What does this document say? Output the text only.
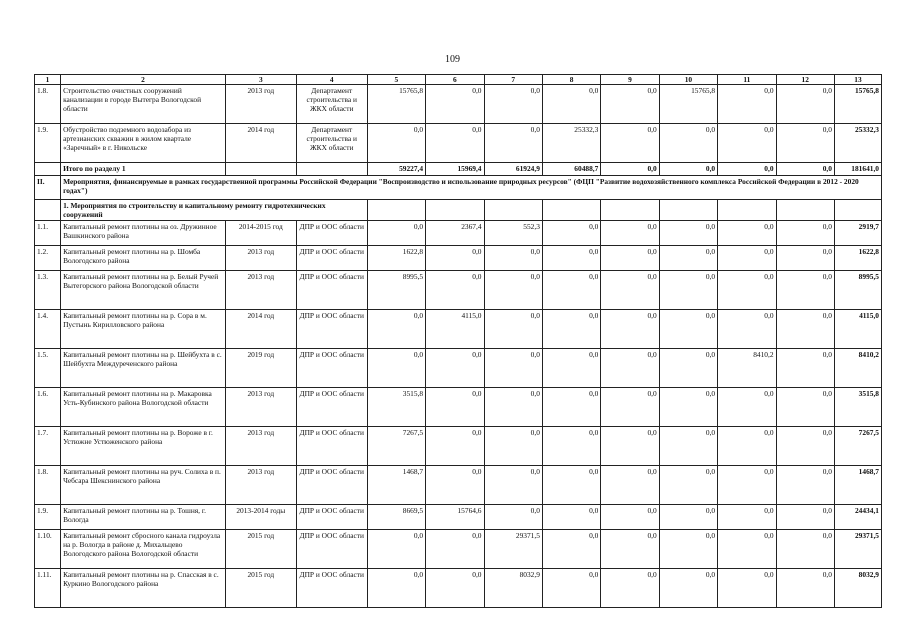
109
1	2	3	4	5	6	7	8	9	10	11	12	13
1.8.	Строительство очистных сооружений канализации в городе Вытегра Вологодской области	2013 год	Департамент строительства и ЖКХ области	15765,8	0,0	0,0	0,0	0,0	15765,8	0,0	0,0	15765,8
1.9.	Обустройство подземного водозабора из артезианских скважин в жилом квартале «Заречный» в г. Никольске	2014 год	Департамент строительства и ЖКХ области	0,0	0,0	0,0	25332,3	0,0	0,0	0,0	0,0	25332,3
	Итого по разделу 1			59227,4	15969,4	61924,9	60488,7	0,0	0,0	0,0	0,0	181641,0
II.	Мероприятия, финансируемые в рамках государственной программы Российской Федерации "Воспроизводство и использование природных ресурсов" (ФЦП "Развитие водохозяйственного комплекса Российской Федерации в 2012 - 2020 годах")											
	1. Мероприятия по строительству и капитальному ремонту гидротехнических сооружений											
1.1.	Капитальный ремонт плотины на оз. Дружинное Вашкинского района	2014-2015 год	ДПР и ООС области	0,0	2367,4	552,3	0,0	0,0	0,0	0,0	0,0	2919,7
1.2.	Капитальный ремонт плотины на р. Шомба Вологодского района	2013 год	ДПР и ООС области	1622,8	0,0	0,0	0,0	0,0	0,0	0,0	0,0	1622,8
1.3.	Капитальный ремонт плотины на р. Белый Ручей Вытегорского района Вологодской области	2013 год	ДПР и ООС области	8995,5	0,0	0,0	0,0	0,0	0,0	0,0	0,0	8995,5
1.4.	Капитальный ремонт плотины на р. Сора в м. Пустынь Кирилловского района	2014 год	ДПР и ООС области	0,0	4115,0	0,0	0,0	0,0	0,0	0,0	0,0	4115,0
1.5.	Капитальный ремонт плотины на р. Шейбухта в с. Шейбухта Междуреченского района	2019 год	ДПР и ООС области	0,0	0,0	0,0	0,0	0,0	0,0	8410,2	0,0	8410,2
1.6.	Капитальный ремонт плотины на р. Макаровка Усть-Кубинского района Вологодской области	2013 год	ДПР и ООС области	3515,8	0,0	0,0	0,0	0,0	0,0	0,0	0,0	3515,8
1.7.	Капитальный ремонт плотины на р. Вороже в г. Устюжне Устюженского района	2013 год	ДПР и ООС области	7267,5	0,0	0,0	0,0	0,0	0,0	0,0	0,0	7267,5
1.8.	Капитальный ремонт плотины на руч. Солиха в п. Чебсара Шекснинского района	2013 год	ДПР и ООС области	1468,7	0,0	0,0	0,0	0,0	0,0	0,0	0,0	1468,7
1.9.	Капитальный ремонт плотины на р. Тошня, г. Вологда	2013-2014 годы	ДПР и ООС области	8669,5	15764,6	0,0	0,0	0,0	0,0	0,0	0,0	24434,1
1.10.	Капитальный ремонт сбросного канала гидроузла на р. Вологда в районе д. Михальцево Вологодского района Вологодской области	2015 год	ДПР и ООС области	0,0	0,0	29371,5	0,0	0,0	0,0	0,0	0,0	29371,5
1.11.	Капитальный ремонт плотины на р. Спасская в с. Куркино Вологодского района	2015 год	ДПР и ООС области	0,0	0,0	8032,9	0,0	0,0	0,0	0,0	0,0	8032,9
